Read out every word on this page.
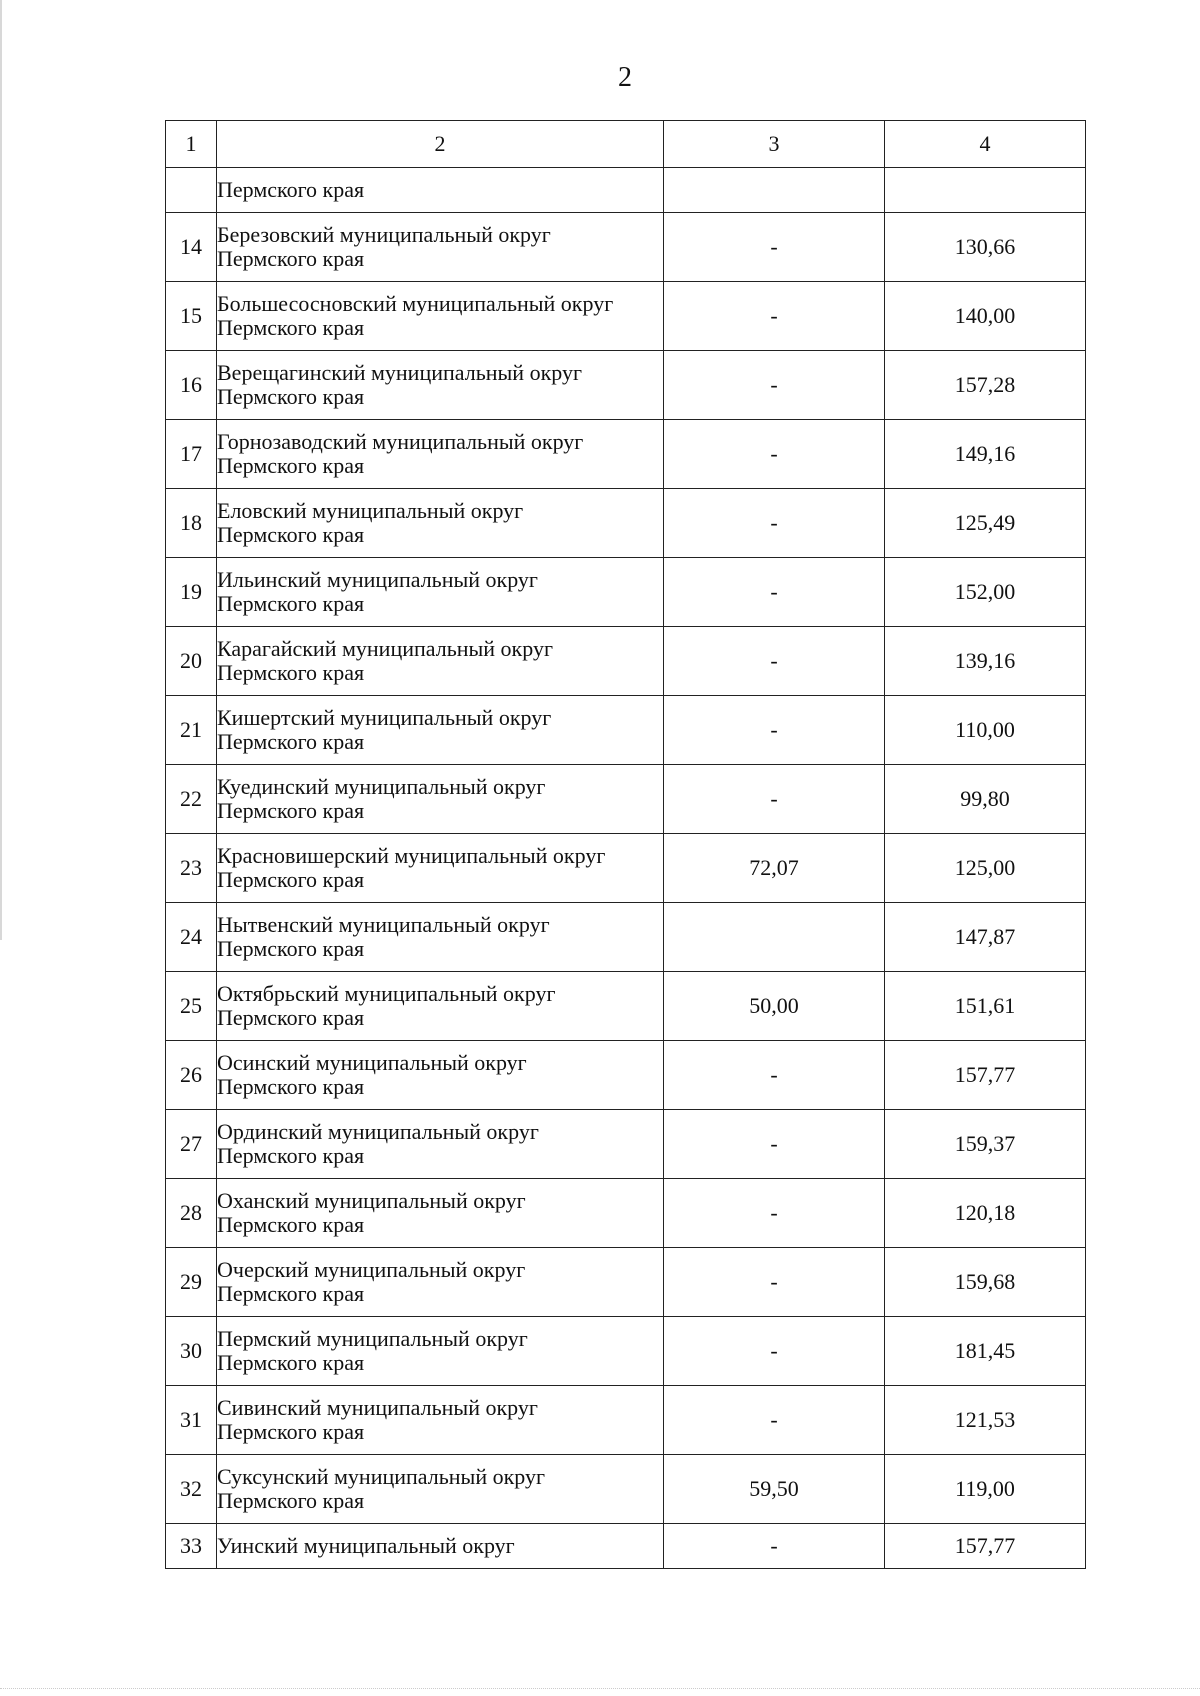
2
1	2	3	4
	Пермского края		
14	Березовский муниципальный округ
Пермского края	-	130,66
15	Большесосновский муниципальный округ
Пермского края	-	140,00
16	Верещагинский муниципальный округ
Пермского края	-	157,28
17	Горнозаводский муниципальный округ
Пермского края	-	149,16
18	Еловский муниципальный округ
Пермского края	-	125,49
19	Ильинский муниципальный округ
Пермского края	-	152,00
20	Карагайский муниципальный округ
Пермского края	-	139,16
21	Кишертский муниципальный округ
Пермского края	-	110,00
22	Куединский муниципальный округ
Пермского края	-	99,80
23	Красновишерский муниципальный округ
Пермского края	72,07	125,00
24	Нытвенский муниципальный округ
Пермского края		147,87
25	Октябрьский муниципальный округ
Пермского края	50,00	151,61
26	Осинский муниципальный округ
Пермского края	-	157,77
27	Ординский муниципальный округ
Пермского края	-	159,37
28	Оханский муниципальный округ
Пермского края	-	120,18
29	Очерский муниципальный округ
Пермского края	-	159,68
30	Пермский муниципальный округ
Пермского края	-	181,45
31	Сивинский муниципальный округ
Пермского края	-	121,53
32	Суксунский муниципальный округ
Пермского края	59,50	119,00
33	Уинский муниципальный округ	-	157,77
